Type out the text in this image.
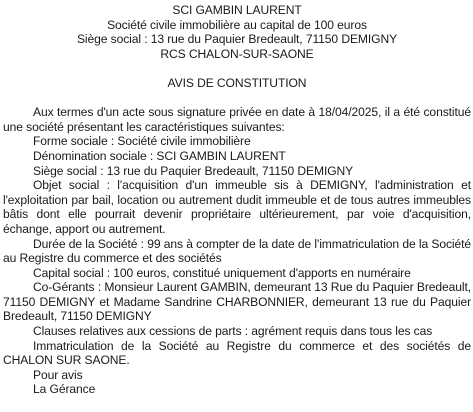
SCI GAMBIN LAURENT
Société civile immobilière au capital de 100 euros
Siège social : 13 rue du Paquier Bredeault, 71150 DEMIGNY
RCS CHALON-SUR-SAONE
AVIS DE CONSTITUTION

Aux termes d'un acte sous signature privée en date à 18/04/2025, il a été constitué une société présentant les caractéristiques suivantes:

Forme sociale : Société civile immobilière

Dénomination sociale : SCI GAMBIN LAURENT

Siège social : 13 rue du Paquier Bredeault, 71150 DEMIGNY

Objet social : l'acquisition d'un immeuble sis à DEMIGNY, l'administration et l'exploitation par bail, location ou autrement dudit immeuble et de tous autres immeubles bâtis dont elle pourrait devenir propriétaire ultérieurement, par voie d'acquisition, échange, apport ou autrement.

Durée de la Société : 99 ans à compter de la date de l'immatriculation de la Société au Registre du commerce et des sociétés

Capital social : 100 euros, constitué uniquement d'apports en numéraire

Co-Gérants : Monsieur Laurent GAMBIN, demeurant 13 Rue du Paquier Bredeault, 71150 DEMIGNY et Madame Sandrine CHARBONNIER, demeurant 13 rue du Paquier Bredeault, 71150 DEMIGNY

Clauses relatives aux cessions de parts : agrément requis dans tous les cas

Immatriculation de la Société au Registre du commerce et des sociétés de CHALON SUR SAONE.

Pour avis

La Gérance
